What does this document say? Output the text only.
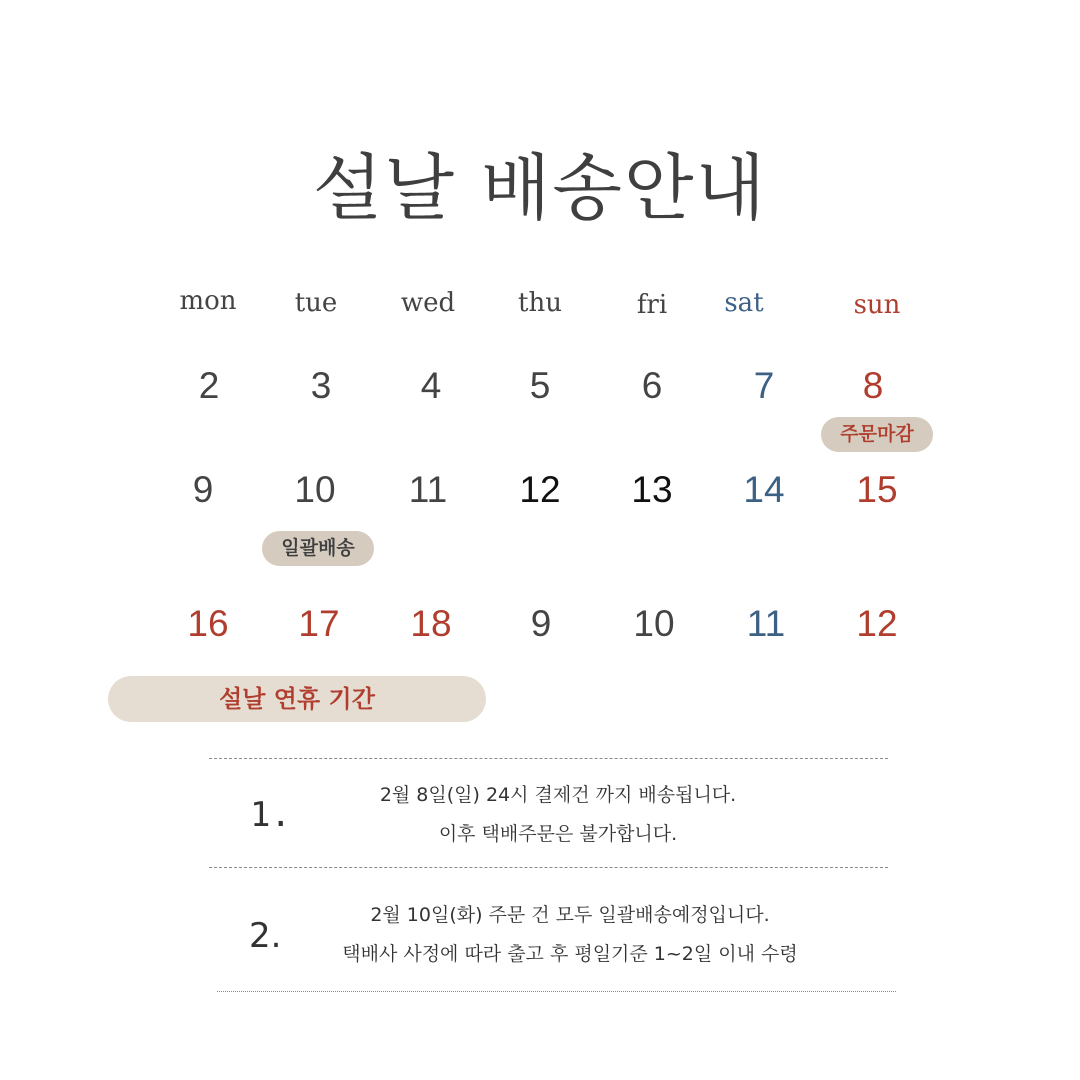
설날 배송안내
mon	tue	wed	thu	fri	sat	sun
2	3	4	5	6	7	8
9	10	11	12	13	14	15
16	17	18	9	10	11	12
주문마감
일괄배송
설날 연휴 기간
1.	2월 8일(일) 24시 결제건 까지 배송됩니다.
이후 택배주문은 불가합니다.
2.
2월 10일(화) 주문 건 모두 일괄배송예정입니다.
택배사 사정에 따라 출고 후 평일기준 1~2일 이내 수령
